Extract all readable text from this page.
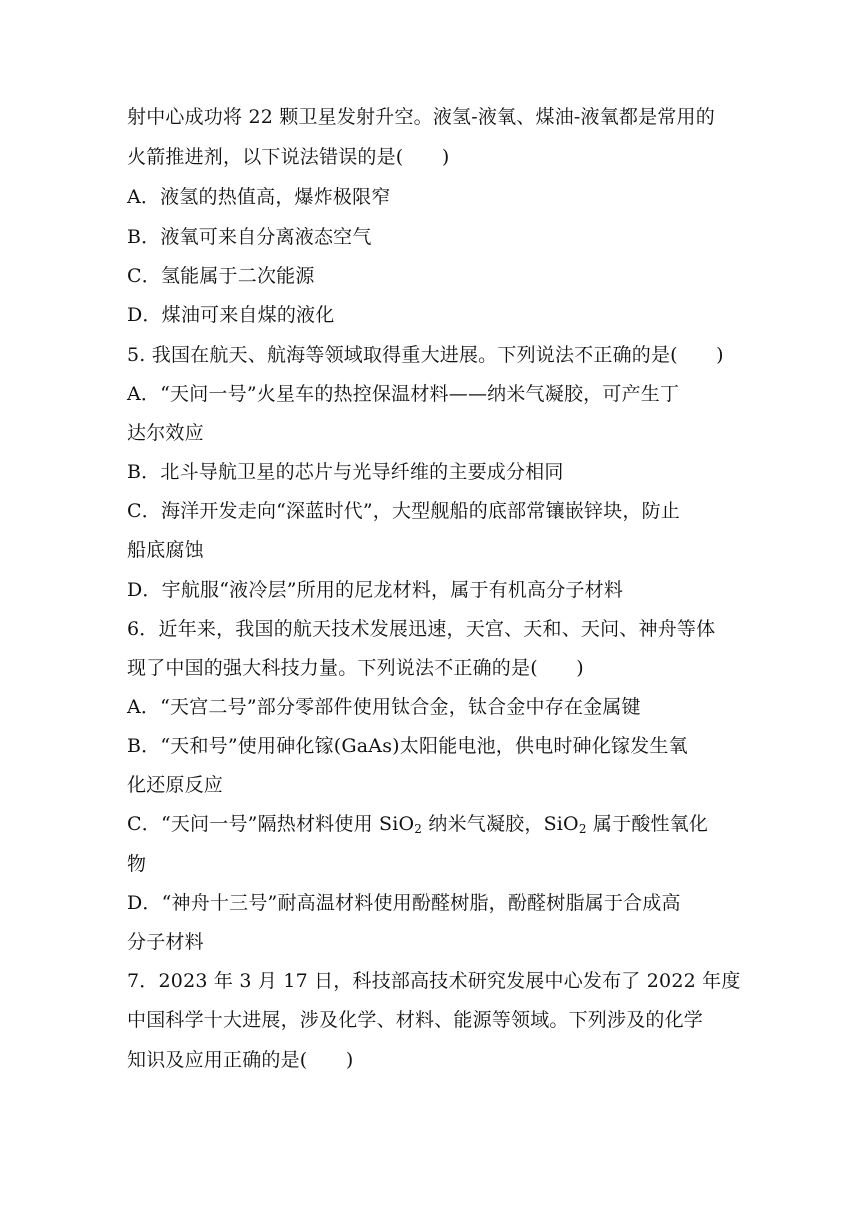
射中心成功将 22 颗卫星发射升空。液氢-液氧、煤油-液氧都是常用的
火箭推进剂，以下说法错误的是(　　)
A．液氢的热值高，爆炸极限窄
B．液氧可来自分离液态空气
C．氢能属于二次能源
D．煤油可来自煤的液化
5. 我国在航天、航海等领域取得重大进展。下列说法不正确的是(　　)
A．“天问一号”火星车的热控保温材料——纳米气凝胶，可产生丁
达尔效应
B．北斗导航卫星的芯片与光导纤维的主要成分相同
C．海洋开发走向“深蓝时代”，大型舰船的底部常镶嵌锌块，防止
船底腐蚀
D．宇航服“液冷层”所用的尼龙材料，属于有机高分子材料
6．近年来，我国的航天技术发展迅速，天宫、天和、天问、神舟等体
现了中国的强大科技力量。下列说法不正确的是(　　)
A．“天宫二号”部分零部件使用钛合金，钛合金中存在金属键
B．“天和号”使用砷化镓(GaAs)太阳能电池，供电时砷化镓发生氧
化还原反应
C．“天问一号”隔热材料使用 SiO$_2$ 纳米气凝胶，SiO$_2$ 属于酸性氧化
物
D．“神舟十三号”耐高温材料使用酚醛树脂，酚醛树脂属于合成高
分子材料
7．2023 年 3 月 17 日，科技部高技术研究发展中心发布了 2022 年度
中国科学十大进展，涉及化学、材料、能源等领域。下列涉及的化学
知识及应用正确的是(　　)
